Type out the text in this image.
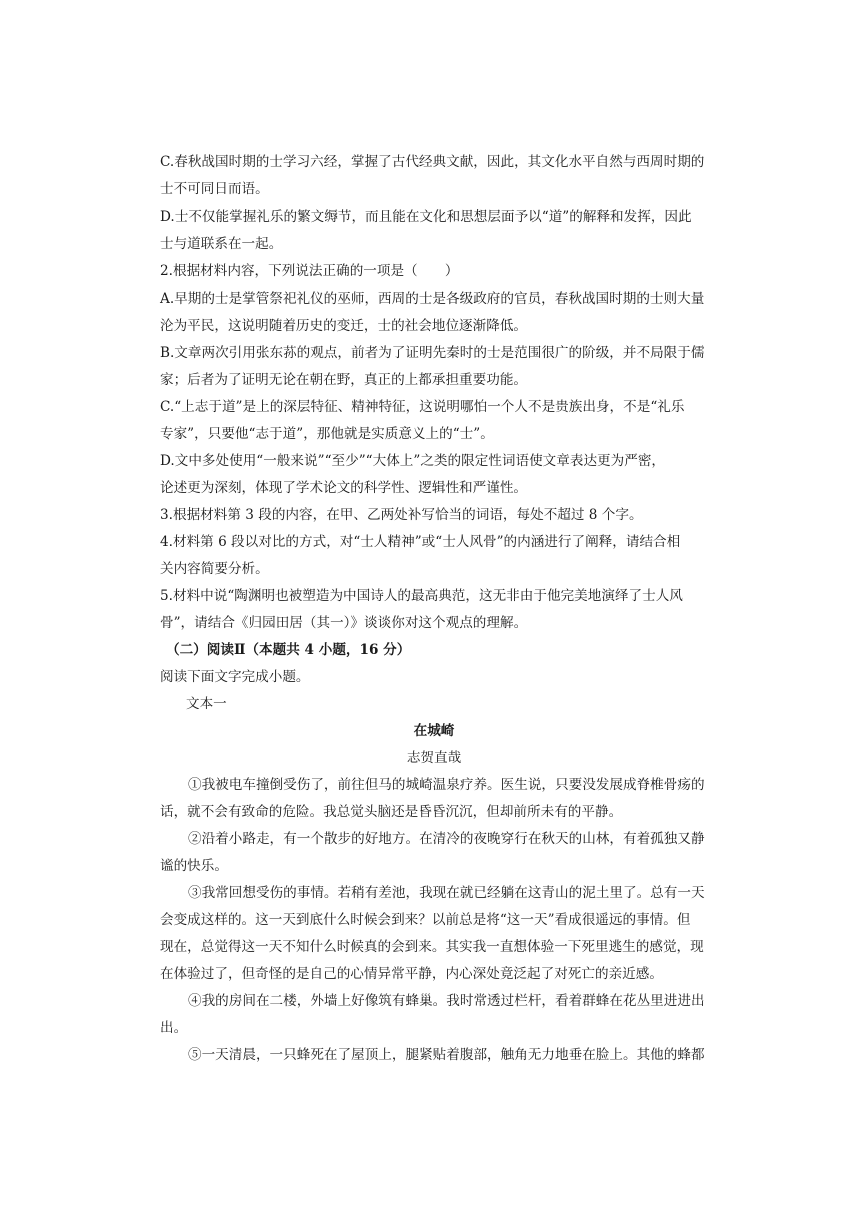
C.春秋战国时期的士学习六经，掌握了古代经典文献，因此，其文化水平自然与西周时期的
士不可同日而语。
D.士不仅能掌握礼乐的繁文缛节，而且能在文化和思想层面予以“道”的解释和发挥，因此
士与道联系在一起。
2.根据材料内容，下列说法正确的一项是（　　）
A.早期的士是掌管祭祀礼仪的巫师，西周的士是各级政府的官员，春秋战国时期的士则大量
沦为平民，这说明随着历史的变迁，士的社会地位逐渐降低。
B.文章两次引用张东荪的观点，前者为了证明先秦时的士是范围很广的阶级，并不局限于儒
家；后者为了证明无论在朝在野，真正的上都承担重要功能。
C.“上志于道”是上的深层特征、精神特征，这说明哪怕一个人不是贵族出身，不是“礼乐
专家”，只要他“志于道”，那他就是实质意义上的“士”。
D.文中多处使用“一般来说”“至少”“大体上”之类的限定性词语使文章表达更为严密，
论述更为深刻，体现了学术论文的科学性、逻辑性和严谨性。
3.根据材料第 3 段的内容，在甲、乙两处补写恰当的词语，每处不超过 8 个字。
4.材料第 6 段以对比的方式，对“士人精神”或“士人风骨”的内涵进行了阐释，请结合相
关内容简要分析。
5.材料中说“陶渊明也被塑造为中国诗人的最高典范，这无非由于他完美地演绎了士人风
骨”，请结合《归园田居（其一）》谈谈你对这个观点的理解。
（二）阅读Ⅱ（本题共 4 小题，16 分）
阅读下面文字完成小题。
文本一
在城崎
志贺直哉
①我被电车撞倒受伤了，前往但马的城崎温泉疗养。医生说，只要没发展成脊椎骨疡的
话，就不会有致命的危险。我总觉头脑还是昏昏沉沉，但却前所未有的平静。
②沿着小路走，有一个散步的好地方。在清冷的夜晚穿行在秋天的山林，有着孤独又静
谧的快乐。
③我常回想受伤的事情。若稍有差池，我现在就已经躺在这青山的泥土里了。总有一天
会变成这样的。这一天到底什么时候会到来？以前总是将“这一天”看成很遥远的事情。但
现在，总觉得这一天不知什么时候真的会到来。其实我一直想体验一下死里逃生的感觉，现
在体验过了，但奇怪的是自己的心情异常平静，内心深处竟泛起了对死亡的亲近感。
④我的房间在二楼，外墙上好像筑有蜂巢。我时常透过栏杆，看着群蜂在花丛里进进出
出。
⑤一天清晨，一只蜂死在了屋顶上，腿紧贴着腹部，触角无力地垂在脸上。其他的蜂都
